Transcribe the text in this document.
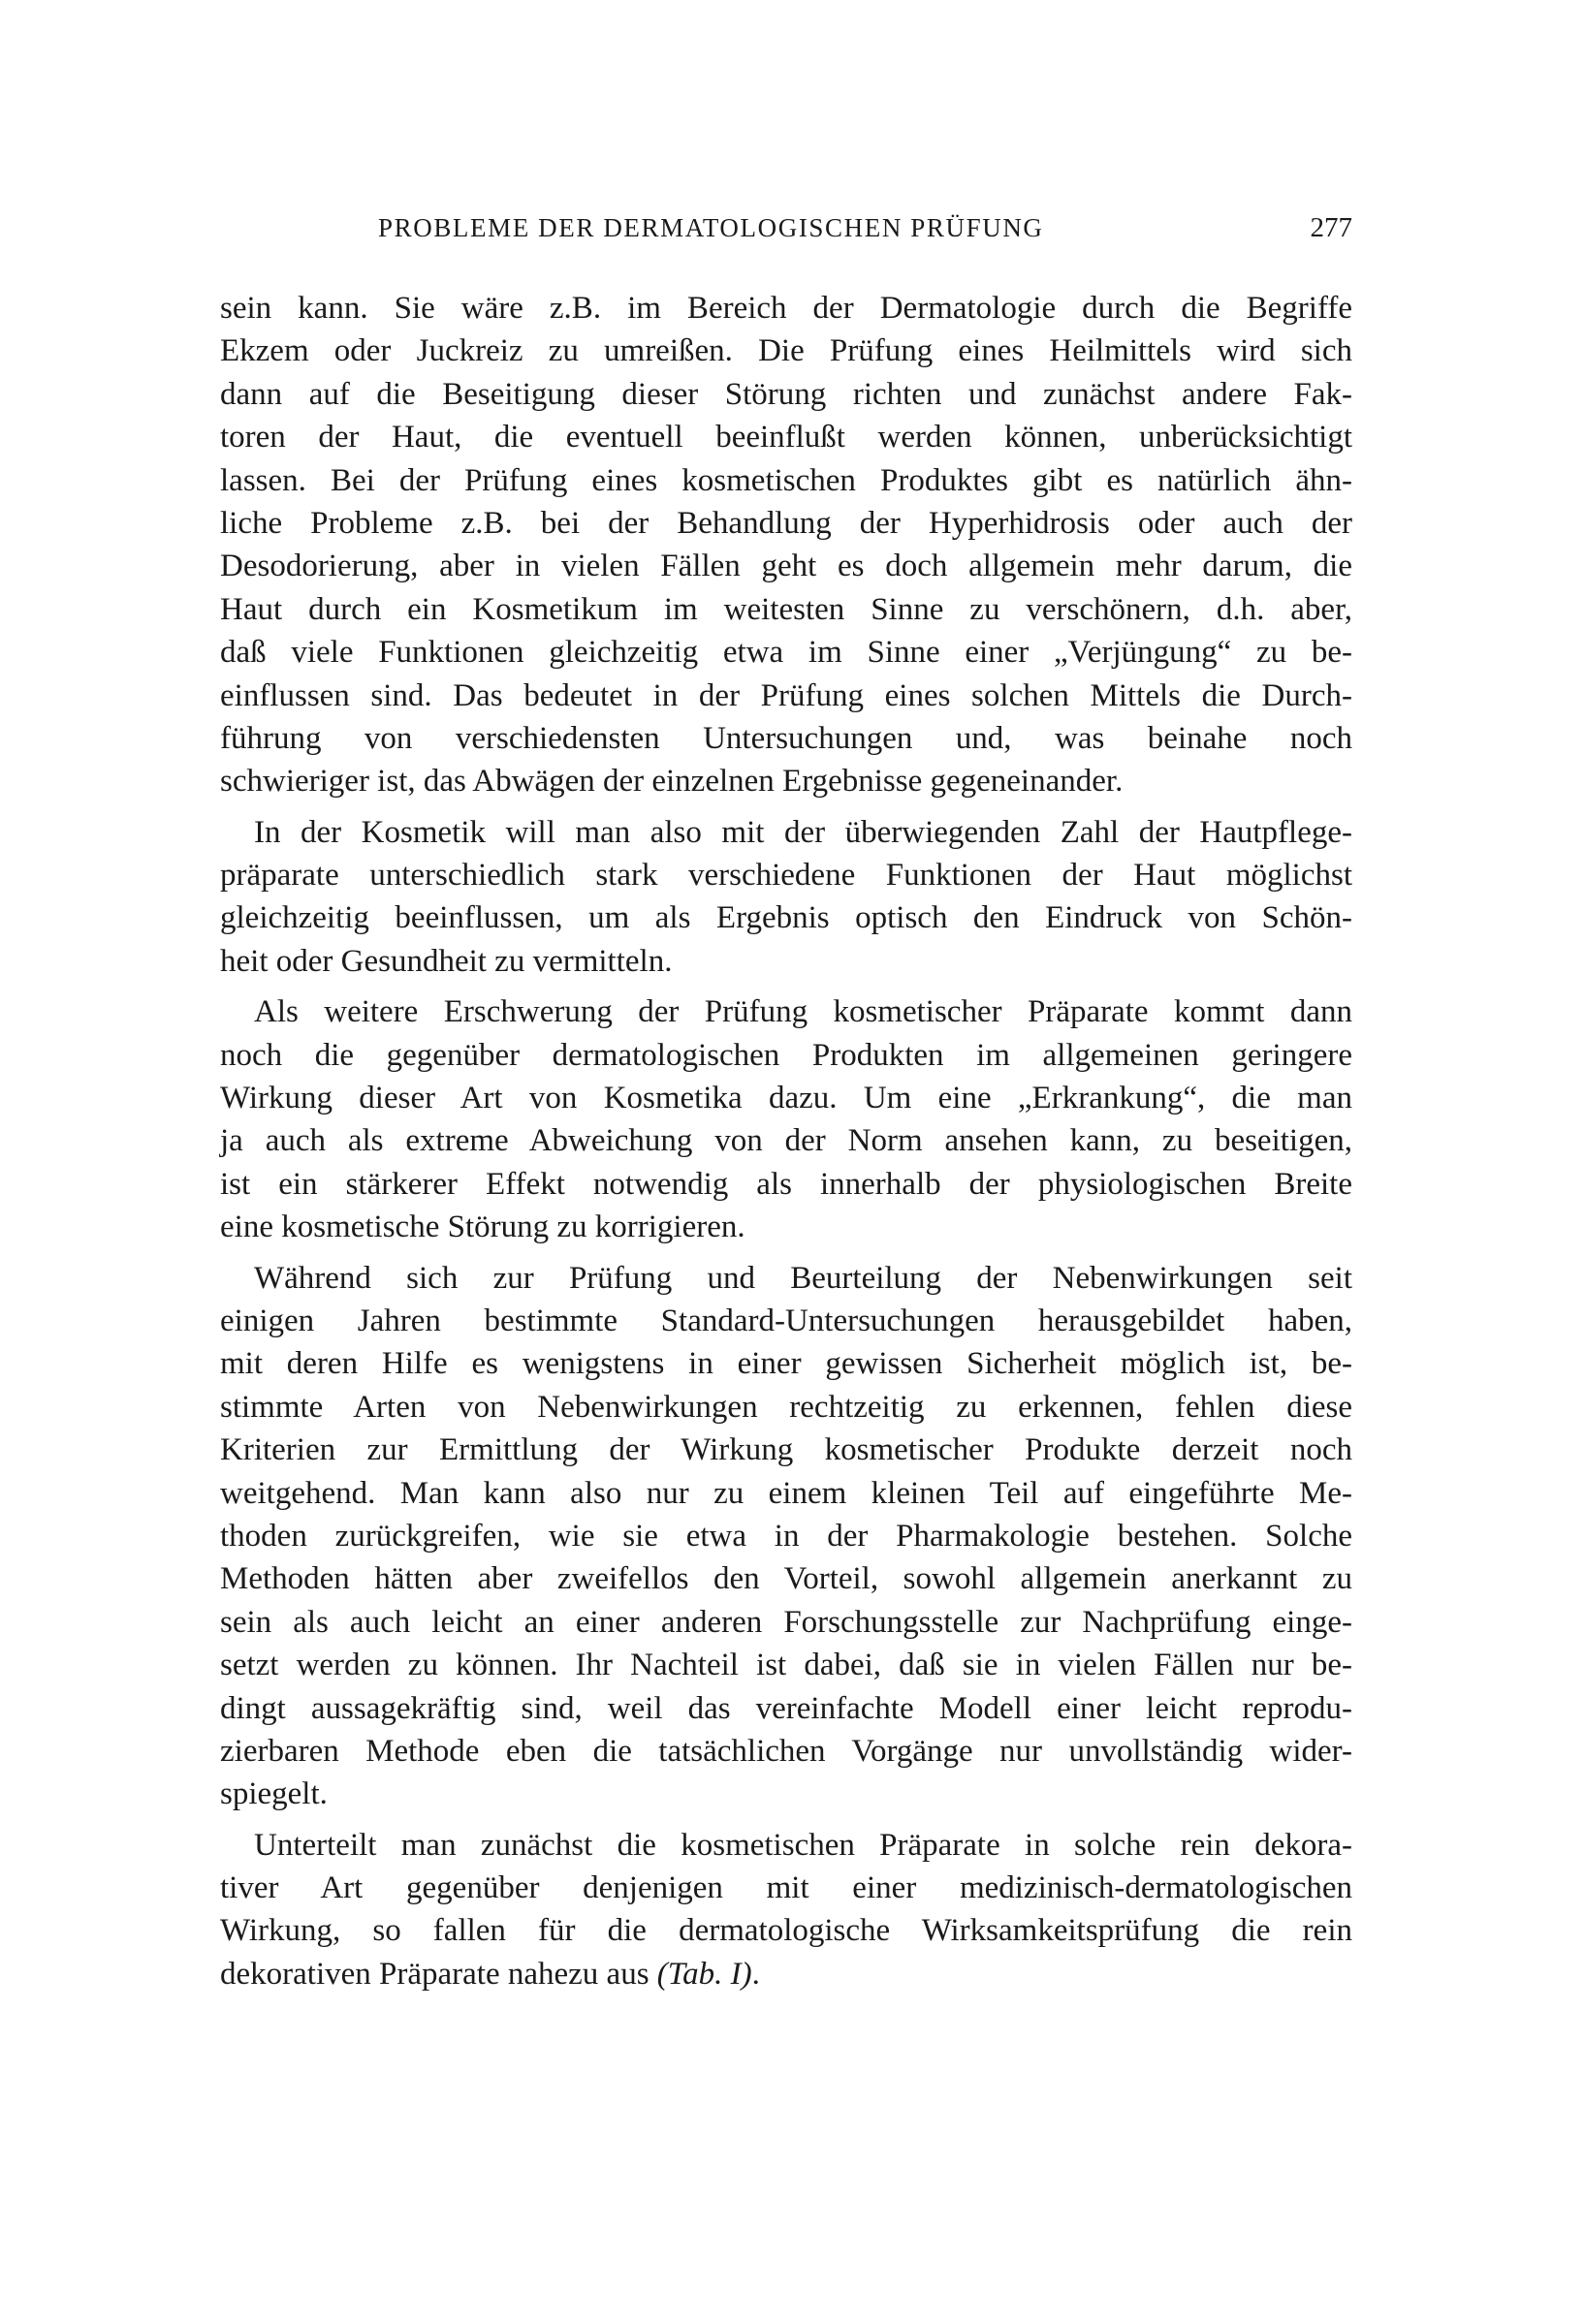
PROBLEME DER DERMATOLOGISCHEN PRÜFUNG	277
sein kann. Sie wäre z.B. im Bereich der Dermatologie durch die Begriffe
Ekzem oder Juckreiz zu umreißen. Die Prüfung eines Heilmittels wird sich
dann auf die Beseitigung dieser Störung richten und zunächst andere Fak-
toren der Haut, die eventuell beeinflußt werden können, unberücksichtigt
lassen. Bei der Prüfung eines kosmetischen Produktes gibt es natürlich ähn-
liche Probleme z.B. bei der Behandlung der Hyperhidrosis oder auch der
Desodorierung, aber in vielen Fällen geht es doch allgemein mehr darum, die
Haut durch ein Kosmetikum im weitesten Sinne zu verschönern, d.h. aber,
daß viele Funktionen gleichzeitig etwa im Sinne einer „Verjüngung“ zu be-
einflussen sind. Das bedeutet in der Prüfung eines solchen Mittels die Durch-
führung von verschiedensten Untersuchungen und, was beinahe noch
schwieriger ist, das Abwägen der einzelnen Ergebnisse gegeneinander.
In der Kosmetik will man also mit der überwiegenden Zahl der Hautpflege-
präparate unterschiedlich stark verschiedene Funktionen der Haut möglichst
gleichzeitig beeinflussen, um als Ergebnis optisch den Eindruck von Schön-
heit oder Gesundheit zu vermitteln.
Als weitere Erschwerung der Prüfung kosmetischer Präparate kommt dann
noch die gegenüber dermatologischen Produkten im allgemeinen geringere
Wirkung dieser Art von Kosmetika dazu. Um eine „Erkrankung“, die man
ja auch als extreme Abweichung von der Norm ansehen kann, zu beseitigen,
ist ein stärkerer Effekt notwendig als innerhalb der physiologischen Breite
eine kosmetische Störung zu korrigieren.
Während sich zur Prüfung und Beurteilung der Nebenwirkungen seit
einigen Jahren bestimmte Standard-Untersuchungen herausgebildet haben,
mit deren Hilfe es wenigstens in einer gewissen Sicherheit möglich ist, be-
stimmte Arten von Nebenwirkungen rechtzeitig zu erkennen, fehlen diese
Kriterien zur Ermittlung der Wirkung kosmetischer Produkte derzeit noch
weitgehend. Man kann also nur zu einem kleinen Teil auf eingeführte Me-
thoden zurückgreifen, wie sie etwa in der Pharmakologie bestehen. Solche
Methoden hätten aber zweifellos den Vorteil, sowohl allgemein anerkannt zu
sein als auch leicht an einer anderen Forschungsstelle zur Nachprüfung einge-
setzt werden zu können. Ihr Nachteil ist dabei, daß sie in vielen Fällen nur be-
dingt aussagekräftig sind, weil das vereinfachte Modell einer leicht reprodu-
zierbaren Methode eben die tatsächlichen Vorgänge nur unvollständig wider-
spiegelt.
Unterteilt man zunächst die kosmetischen Präparate in solche rein dekora-
tiver Art gegenüber denjenigen mit einer medizinisch-dermatologischen
Wirkung, so fallen für die dermatologische Wirksamkeitsprüfung die rein
dekorativen Präparate nahezu aus (Tab. I).
